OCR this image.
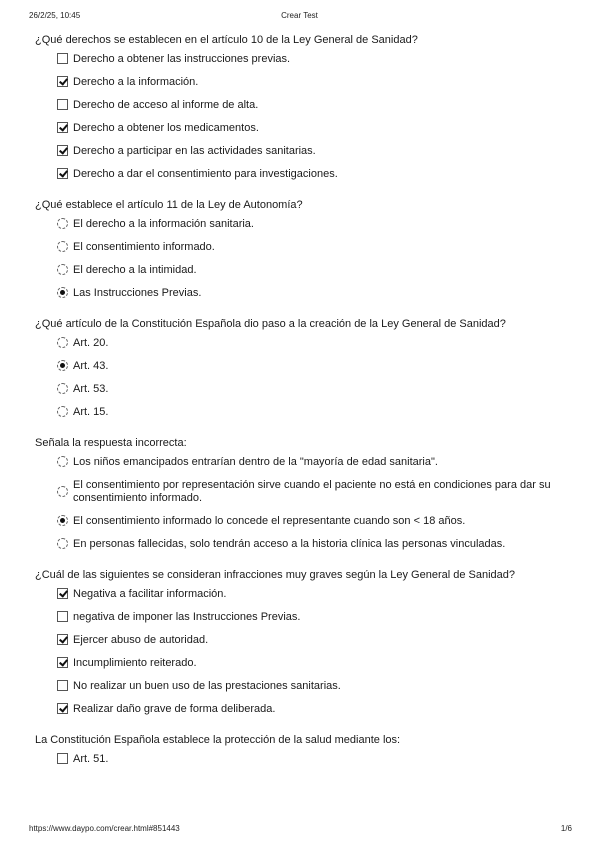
26/2/25, 10:45	Crear Test
¿Qué derechos se establecen en el artículo 10 de la Ley General de Sanidad?
Derecho a obtener las instrucciones previas.
Derecho a la información.
Derecho de acceso al informe de alta.
Derecho a obtener los medicamentos.
Derecho a participar en las actividades sanitarias.
Derecho a dar el consentimiento para investigaciones.
¿Qué establece el artículo 11 de la Ley de Autonomía?
El derecho a la información sanitaria.
El consentimiento informado.
El derecho a la intimidad.
Las Instrucciones Previas.
¿Qué artículo de la Constitución Española dio paso a la creación de la Ley General de Sanidad?
Art. 20.
Art. 43.
Art. 53.
Art. 15.
Señala la respuesta incorrecta:
Los niños emancipados entrarían dentro de la "mayoría de edad sanitaria".
El consentimiento por representación sirve cuando el paciente no está en condiciones para dar su consentimiento informado.
El consentimiento informado lo concede el representante cuando son < 18 años.
En personas fallecidas, solo tendrán acceso a la historia clínica las personas vinculadas.
¿Cuál de las siguientes se consideran infracciones muy graves según la Ley General de Sanidad?
Negativa a facilitar información.
negativa de imponer las Instrucciones Previas.
Ejercer abuso de autoridad.
Incumplimiento reiterado.
No realizar un buen uso de las prestaciones sanitarias.
Realizar daño grave de forma deliberada.
La Constitución Española establece la protección de la salud mediante los:
Art. 51.
https://www.daypo.com/crear.html#851443	1/6
